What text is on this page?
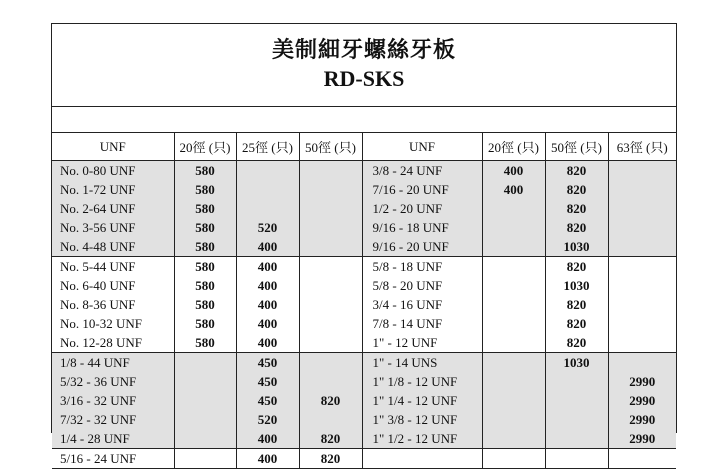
美制細牙螺絲牙板
RD-SKS
UNF	20徑 (只)	25徑 (只)	50徑 (只)	UNF	20徑 (只)	50徑 (只)	63徑 (只)
No. 0-80 UNF	580			3/8 - 24 UNF	400	820	
No. 1-72 UNF	580			7/16 - 20 UNF	400	820	
No. 2-64 UNF	580			1/2 - 20 UNF		820	
No. 3-56 UNF	580	520		9/16 - 18 UNF		820	
No. 4-48 UNF	580	400		9/16 - 20 UNF		1030	
No. 5-44 UNF	580	400		5/8 - 18 UNF		820	
No. 6-40 UNF	580	400		5/8 - 20 UNF		1030	
No. 8-36 UNF	580	400		3/4 - 16 UNF		820	
No. 10-32 UNF	580	400		7/8 - 14 UNF		820	
No. 12-28 UNF	580	400		1" - 12 UNF		820	
1/8 - 44 UNF		450		1" - 14 UNS		1030	
5/32 - 36 UNF		450		1" 1/8 - 12 UNF			2990
3/16 - 32 UNF		450	820	1" 1/4 - 12 UNF			2990
7/32 - 32 UNF		520		1" 3/8 - 12 UNF			2990
1/4 - 28 UNF		400	820	1" 1/2 - 12 UNF			2990
5/16 - 24 UNF		400	820				
